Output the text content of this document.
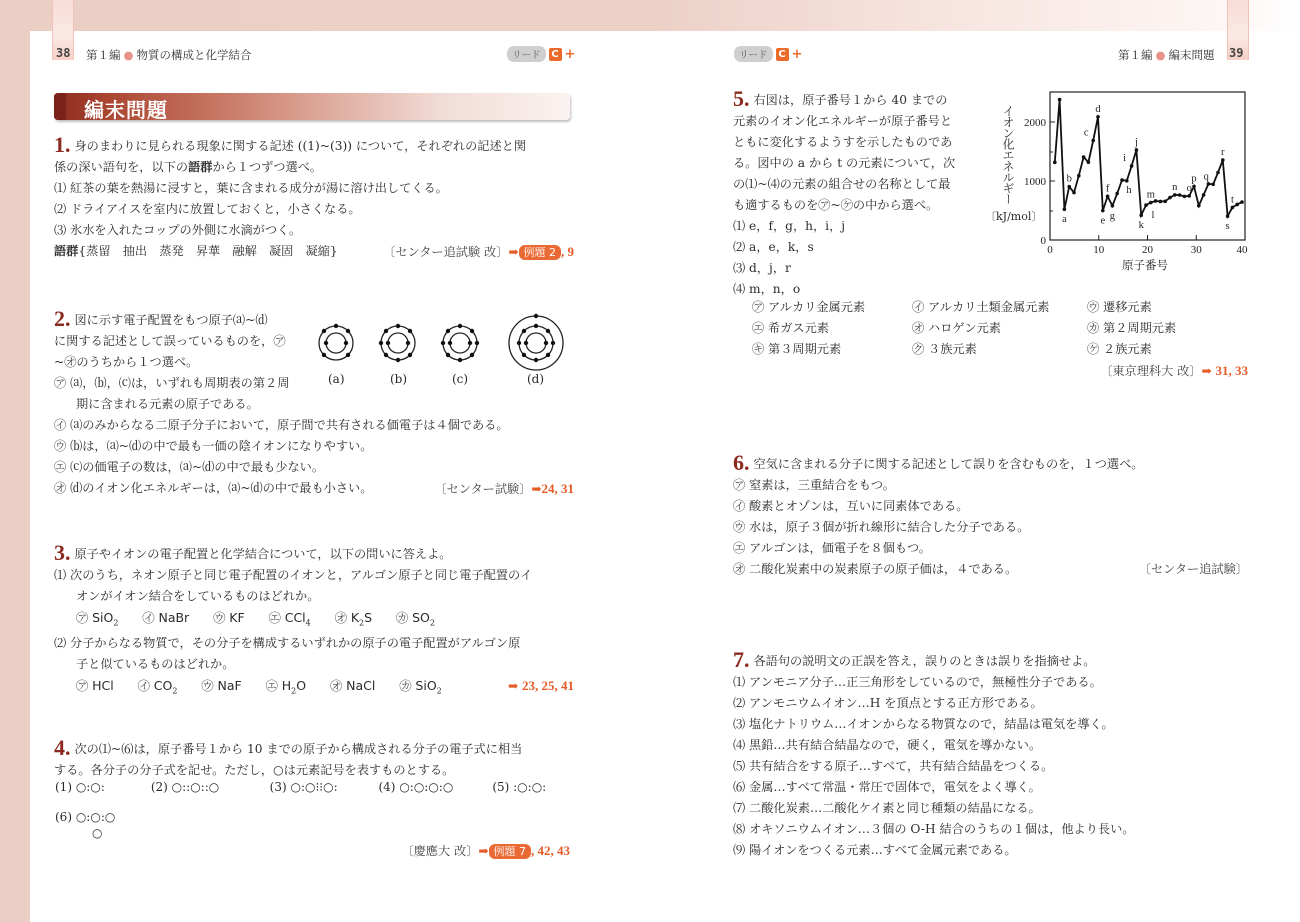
38 第１編 ● 物質の構成と化学結合	リード	C +	リード	C +	第１編 ● 編末問題 39
編末問題
1. 身のまわりに見られる現象に関する記述 ((1)~(3)) について，それぞれの記述と関
係の深い語句を，以下の語群から１つずつ選べ。
⑴ 紅茶の葉を熱湯に浸すと，葉に含まれる成分が湯に溶け出してくる。
⑵ ドライアイスを室内に放置しておくと，小さくなる。
⑶ 氷水を入れたコップの外側に水滴がつく。
語群{蒸留　抽出　蒸発　昇華　融解　凝固　凝縮}	〔センター追試験 改〕➡ 例題 2 , 9
2. 図に示す電子配置をもつ原子⒜~⒟
に関する記述として誤っているものを，㋐
~㋔のうちから１つ選べ。
㋐ ⒜，⒝，⒞は，いずれも周期表の第２周
期に含まれる元素の原子である。
㋑ ⒜のみからなる二原子分子において，原子間で共有される価電子は４個である。
㋒ ⒝は，⒜~⒟の中で最も一価の陰イオンになりやすい。
㋓ ⒞の価電子の数は，⒜~⒟の中で最も少ない。
㋔ ⒟のイオン化エネルギーは，⒜~⒟の中で最も小さい。	〔センター試験〕➡24, 31
(a)	(b)	(c)	(d)
3. 原子やイオンの電子配置と化学結合について，以下の問いに答えよ。
⑴ 次のうち，ネオン原子と同じ電子配置のイオンと，アルゴン原子と同じ電子配置のイ
オンがイオン結合をしているものはどれか。
㋐ SiO$_2$ ㋑ NaBr ㋒ KF ㋓ CCl$_4$ ㋔ $K_2S$ ㋕ $SO_2$
⑵ 分子からなる物質で，その分子を構成するいずれかの原子の電子配置がアルゴン原
子と似ているものはどれか。
㋐ HCl ㋑ $CO_2$ ㋒ NaF ㋓ $H_2O$ ㋔ NaCl ㋕ SiO$_2$	➡ 23, 25, 41
4. 次の⑴~⑹は，原子番号１から 10 までの原子から構成される分子の電子式に相当
する。各分子の分子式を記せ。ただし，○は元素記号を表すものとする。
(1) ○:○:	(2) ○::○::○	(3) ○:○⁝⁝○:	(4) ○:○:○:○	(5) :○:○:
(6) ○:○:○
○
〔慶應大 改〕➡ 例題 7 , 42, 43
5. 右図は，原子番号１から 40 までの
元素のイオン化エネルギーが原子番号と
ともに変化するようすを示したものであ
る。図中の a から t の元素について，次
の⑴~⑷の元素の組合せの名称として最
も適するものを㋐~㋘の中から選べ。
⑴ e，f，g，h，i，j
⑵ a，e，k，s
⑶ d，j，r
⑷ m，n，o
㋐ アルカリ金属元素	㋑ アルカリ土類金属元素	㋒ 遷移元素
㋓ 希ガス元素	㋔ ハロゲン元素	㋕ 第２周期元素
㋖ 第３周期元素	㋗ ３族元素	㋘ ２族元素
〔東京理科大 改〕➡ 31, 33
イオン化エネルギー
〔kJ/mol〕
0
1000
2000
0	10	20	30	40
原子番号
a
b
c
d
e
f
g
h
i
j
k
l
m
n o
p q
r
s
t
6. 空気に含まれる分子に関する記述として誤りを含むものを，１つ選べ。
㋐ 窒素は，三重結合をもつ。
㋑ 酸素とオゾンは，互いに同素体である。
㋒ 水は，原子３個が折れ線形に結合した分子である。
㋓ アルゴンは，価電子を８個もつ。
㋔ 二酸化炭素中の炭素原子の原子価は，４である。	〔センター追試験〕
7. 各語句の説明文の正誤を答え，誤りのときは誤りを指摘せよ。
⑴ アンモニア分子…正三角形をしているので，無極性分子である。
⑵ アンモニウムイオン…H を頂点とする正方形である。
⑶ 塩化ナトリウム…イオンからなる物質なので，結晶は電気を導く。
⑷ 黒鉛…共有結合結晶なので，硬く，電気を導かない。
⑸ 共有結合をする原子…すべて，共有結合結晶をつくる。
⑹ 金属…すべて常温・常圧で固体で，電気をよく導く。
⑺ 二酸化炭素…二酸化ケイ素と同じ種類の結晶になる。
⑻ オキソニウムイオン…３個の O-H 結合のうちの１個は，他より長い。
⑼ 陽イオンをつくる元素…すべて金属元素である。
